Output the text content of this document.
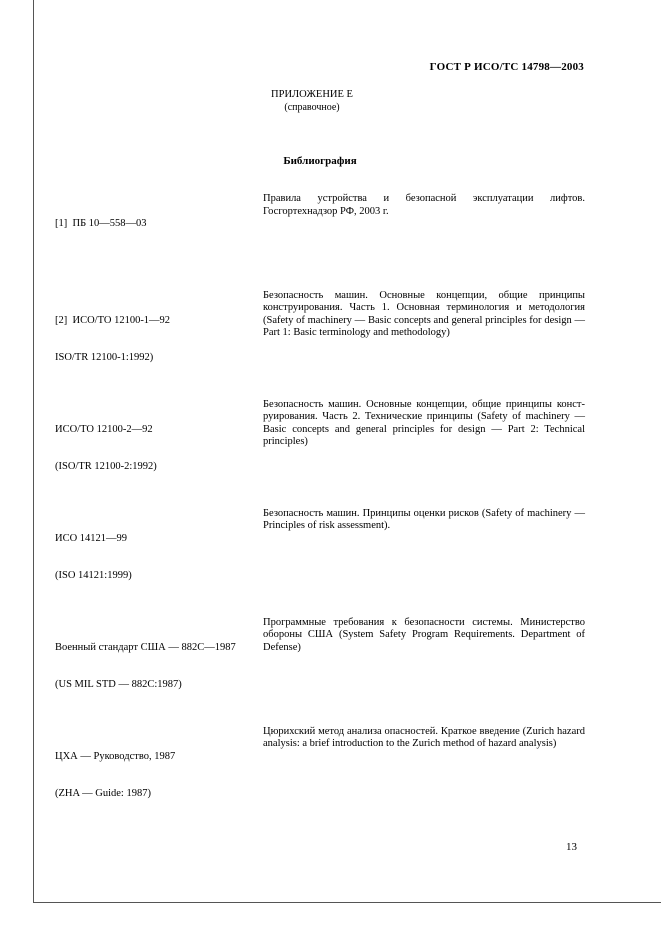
ГОСТ Р ИСО/ТС 14798—2003
ПРИЛОЖЕНИЕ Е
(справочное)
Библиография

[1]  ПБ 10—558—03

Правила устройства и безопасной эксплуатации лифтов. Госгортехнадзор РФ, 2003 г.

[2]  ИСО/ТО 12100-1—92

ISO/TR 12100-1:1992)

Безопасность машин. Основные концепции, общие принципы конструирования. Часть 1. Основная терминология и методология (Safety of machinery — Basic concepts and general principles for design — Part 1: Basic terminology and methodology)

ИСО/ТО 12100-2—92

(ISO/TR 12100-2:1992)

Безопасность машин. Основные концепции, общие принципы конст- руирования. Часть 2. Технические принципы (Safety of machinery — Basic concepts and general principles for design — Part 2: Technical principles)

ИСО 14121—99

(ISO 14121:1999)

Безопасность машин. Принципы оценки рисков (Safety of machinery — Principles of risk assessment).

Военный стандарт США — 882С—1987

(US MIL STD — 882C:1987)

Программные требования к безопасности системы. Министерство обороны США (System Safety Program Requirements. Department of Defense)

ЦХА — Руководство, 1987

(ZHA — Guide: 1987)

Цюрихский метод анализа опасностей. Краткое введение (Zurich hazard analysis: a brief introduction to the Zurich method of hazard analysis)
13
